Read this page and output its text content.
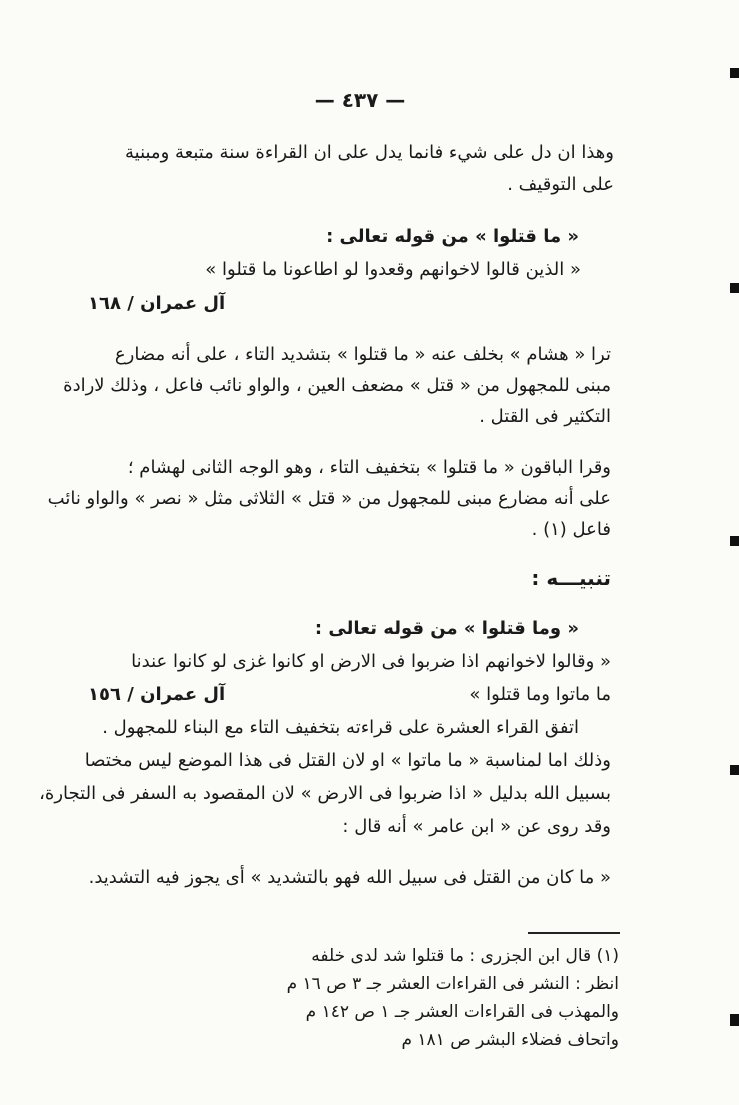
— ٤٣٧ —
وهذا ان دل على شيء فانما يدل على ان القراءة سنة متبعة ومبنية
على التوقيف .
« ما قتلوا » من قوله تعالى :
« الذين قالوا لاخوانهم وقعدوا لو اطاعونا ما قتلوا »
آل عمران / ١٦٨
ترا « هشام » بخلف عنه « ما قتلوا » بتشديد التاء ، على أنه مضارع
مبنى للمجهول من « قتل » مضعف العين ، والواو نائب فاعل ، وذلك لارادة
التكثير فى القتل .
وقرا الباقون « ما قتلوا » بتخفيف التاء ، وهو الوجه الثانى لهشام ؛
على أنه مضارع مبنى للمجهول من « قتل » الثلاثى مثل « نصر » والواو نائب
فاعل (١) .
تنبيـــه :
« وما قتلوا » من قوله تعالى :
« وقالوا لاخوانهم اذا ضربوا فى الارض او كانوا غزى لو كانوا عندنا
ما ماتوا وما قتلوا »
آل عمران / ١٥٦
اتفق القراء العشرة على قراءته بتخفيف التاء مع البناء للمجهول .
وذلك اما لمناسبة « ما ماتوا » او لان القتل فى هذا الموضع ليس مختصا
بسبيل الله بدليل « اذا ضربوا فى الارض » لان المقصود به السفر فى التجارة،
وقد روى عن « ابن عامر » أنه قال :
« ما كان من القتل فى سبيل الله فهو بالتشديد » أى يجوز فيه التشديد.
(١) قال ابن الجزرى : ما قتلوا شد لدى خلفه
انظر : النشر فى القراءات العشر جـ ٣ ص ١٦ م
والمهذب فى القراءات العشر جـ ١ ص ١٤٢ م
واتحاف فضلاء البشر ص ١٨١ م
